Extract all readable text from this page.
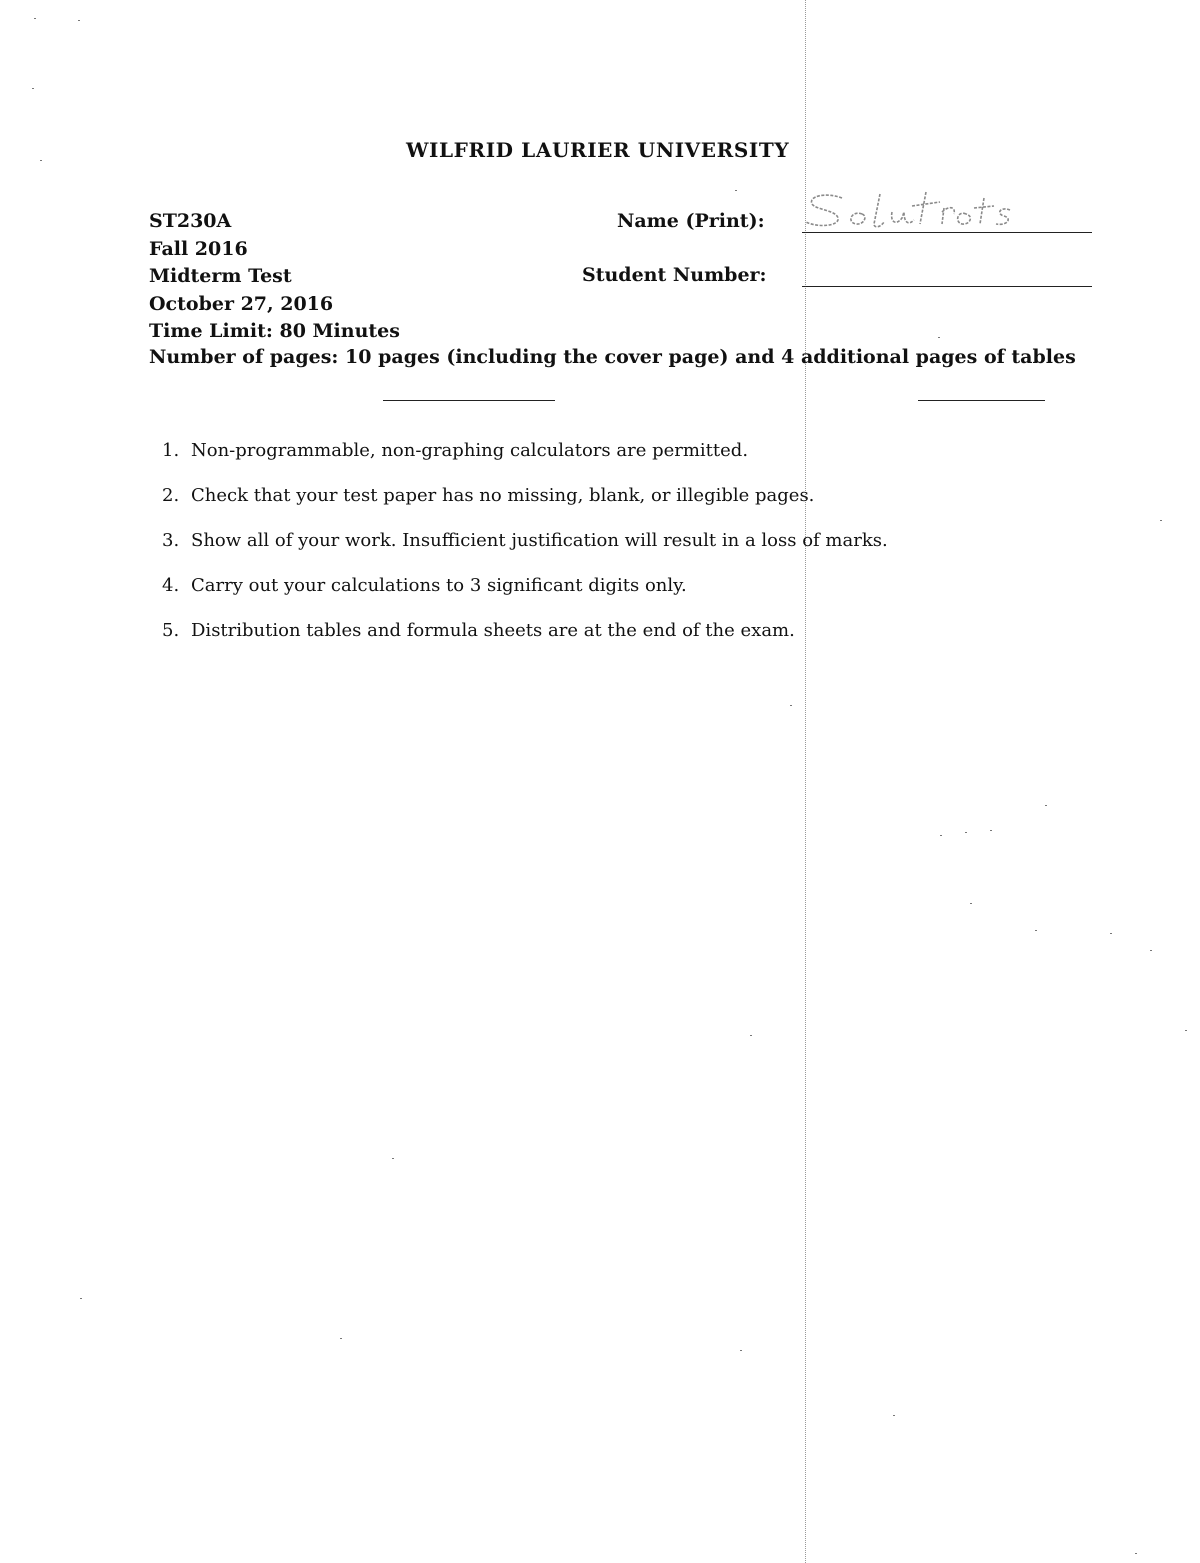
WILFRID LAURIER UNIVERSITY
ST230A
Fall 2016
Midterm Test
October 27, 2016
Time Limit: 80 Minutes
Number of pages: 10 pages (including the cover page) and 4 additional pages of tables
Name (Print):
Student Number:
1. Non-programmable, non-graphing calculators are permitted.
2. Check that your test paper has no missing, blank, or illegible pages.
3. Show all of your work. Insufficient justification will result in a loss of marks.
4. Carry out your calculations to 3 significant digits only.
5. Distribution tables and formula sheets are at the end of the exam.
